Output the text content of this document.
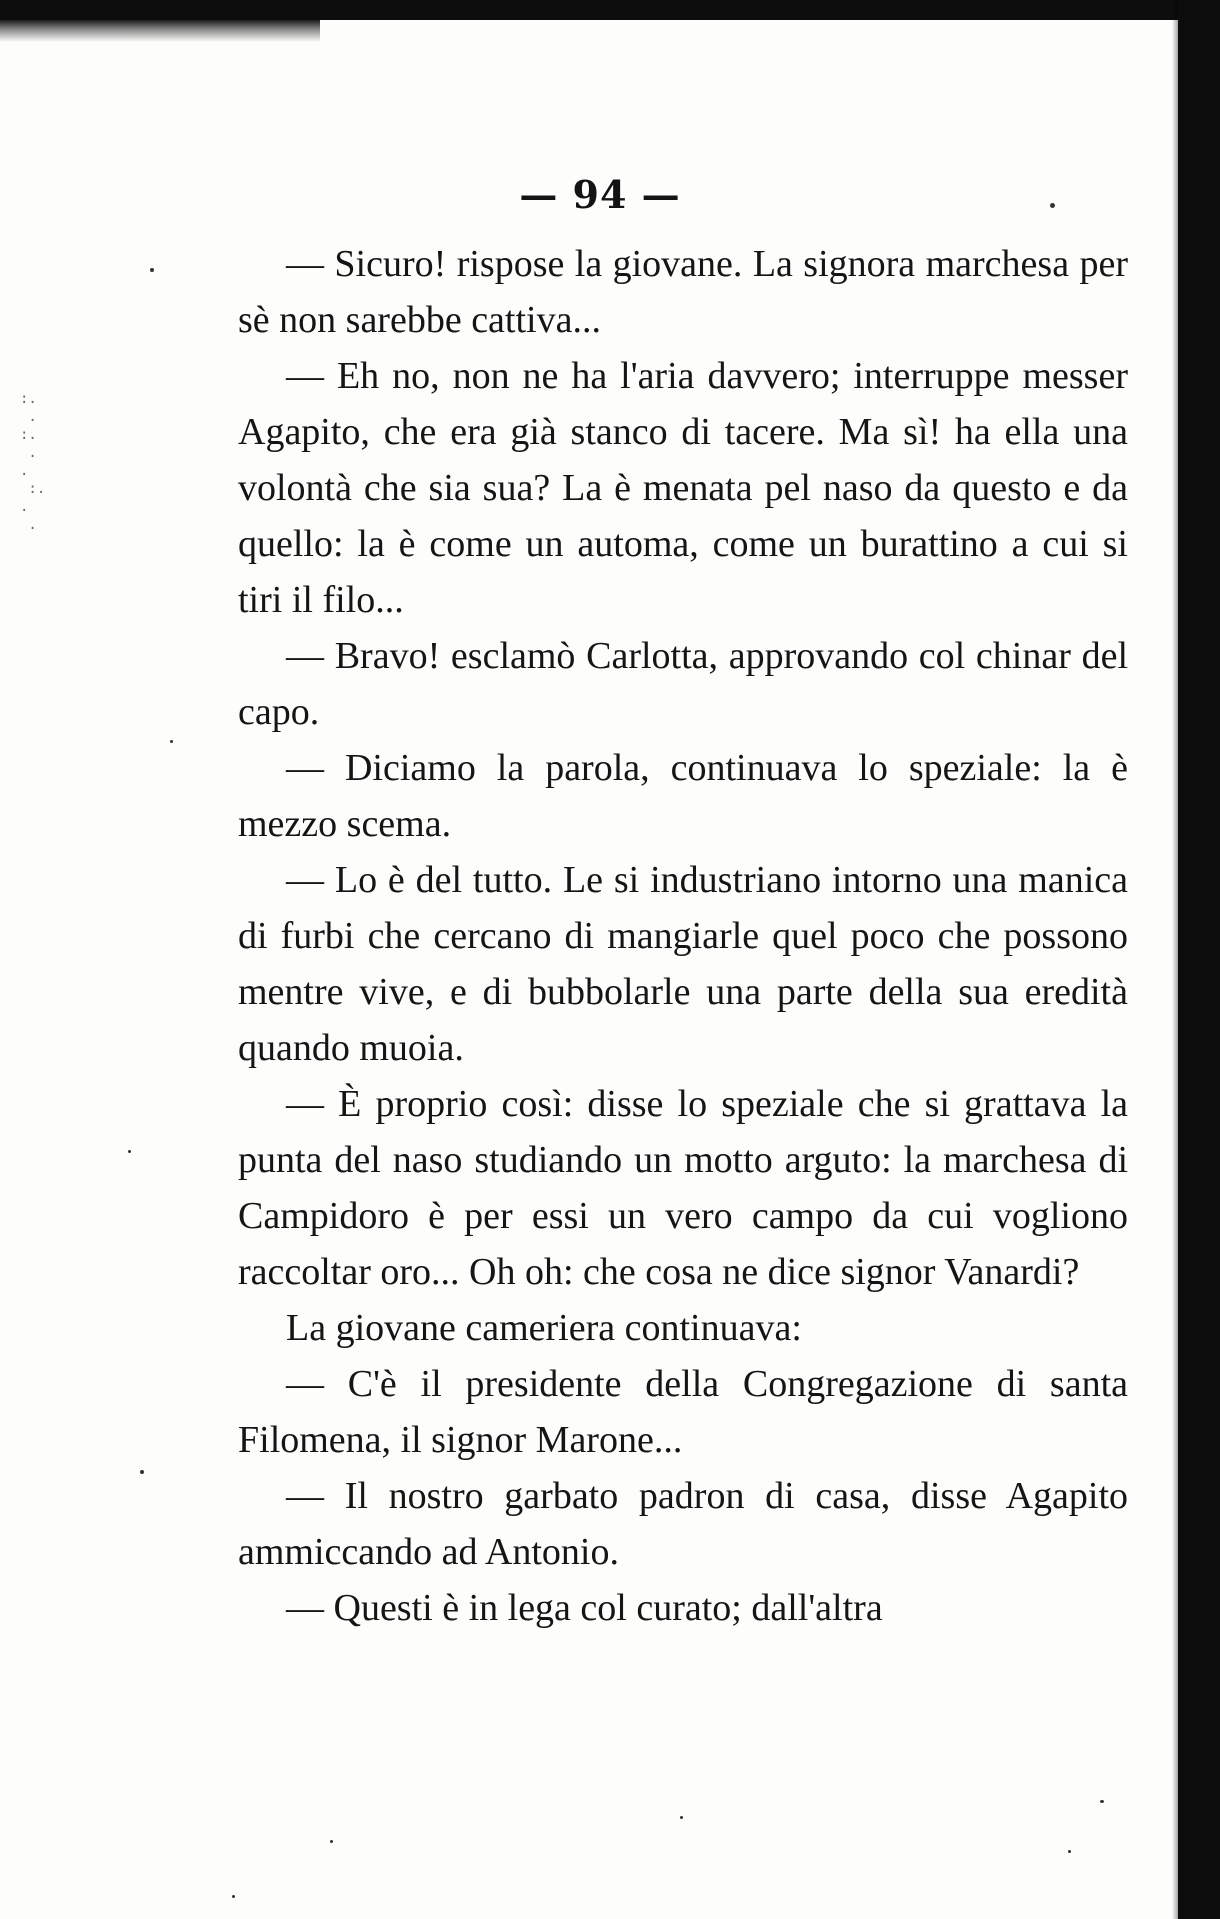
:.
.
:.
.
.
:.
.
.
— 94 —

— Sicuro! rispose la giovane. La signora marchesa per sè non sarebbe cattiva...

— Eh no, non ne ha l'aria davvero; interruppe messer Agapito, che era già stanco di tacere. Ma sì! ha ella una volontà che sia sua? La è menata pel naso da questo e da quello: la è come un automa, come un burattino a cui si tiri il filo...

— Bravo! esclamò Carlotta, approvando col chinar del capo.

— Diciamo la parola, continuava lo speziale: la è mezzo scema.

— Lo è del tutto. Le si industriano intorno una manica di furbi che cercano di mangiarle quel poco che possono mentre vive, e di bubbolarle una parte della sua eredità quando muoia.

— È proprio così: disse lo speziale che si grattava la punta del naso studiando un motto arguto: la marchesa di Campidoro è per essi un vero campo da cui vogliono raccoltar oro... Oh oh: che cosa ne dice signor Vanardi?

La giovane cameriera continuava:

— C'è il presidente della Congregazione di santa Filomena, il signor Marone...

— Il nostro garbato padron di casa, disse Agapito ammiccando ad Antonio.

— Questi è in lega col curato; dall'altra
